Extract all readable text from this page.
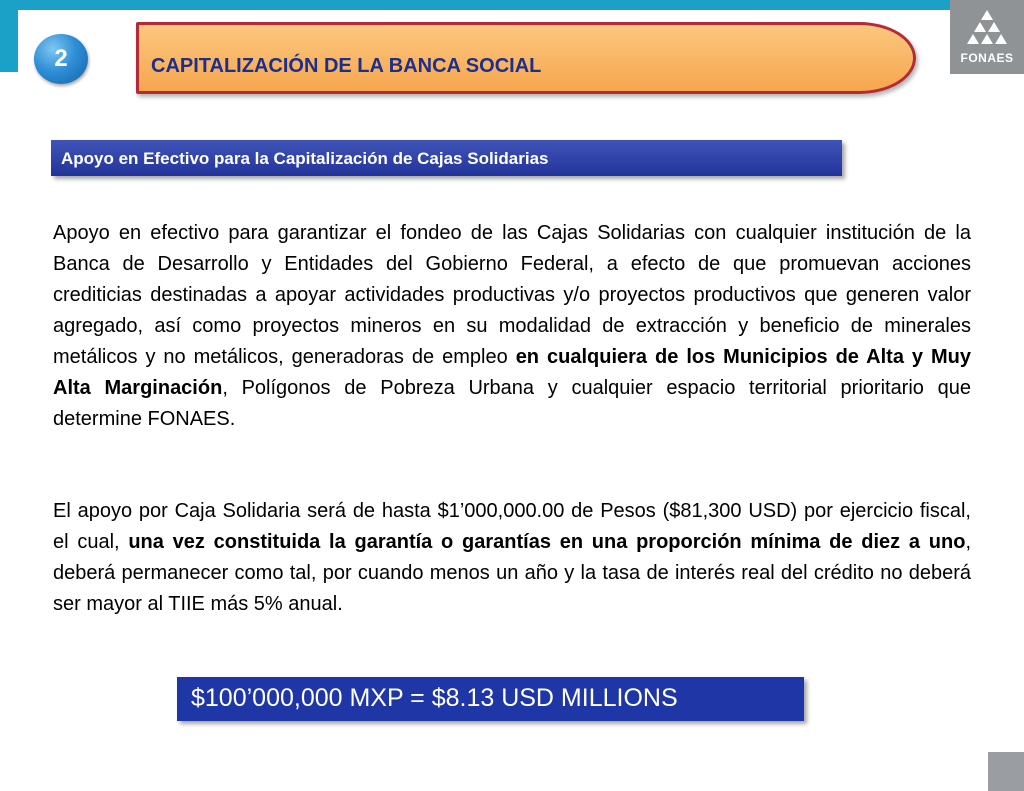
FONAES
2	CAPITALIZACIÓN DE LA BANCA SOCIAL
Apoyo en Efectivo para la Capitalización de Cajas Solidarias
Apoyo en efectivo para garantizar el fondeo de las Cajas Solidarias con cualquier institución de la Banca de Desarrollo y Entidades del Gobierno Federal, a efecto de que promuevan acciones crediticias destinadas a apoyar actividades productivas y/o proyectos productivos que generen valor agregado, así como proyectos mineros en su modalidad de extracción y beneficio de minerales metálicos y no metálicos, generadoras de empleo en cualquiera de los Municipios de Alta y Muy Alta Marginación, Polígonos de Pobreza Urbana y cualquier espacio territorial prioritario que determine FONAES.
El apoyo por Caja Solidaria será de hasta $1’000,000.00 de Pesos ($81,300 USD) por ejercicio fiscal, el cual, una vez constituida la garantía o garantías en una proporción mínima de diez a uno, deberá permanecer como tal, por cuando menos un año y la tasa de interés real del crédito no deberá ser mayor al TIIE más 5% anual.
$100’000,000 MXP = $8.13 USD MILLIONS
